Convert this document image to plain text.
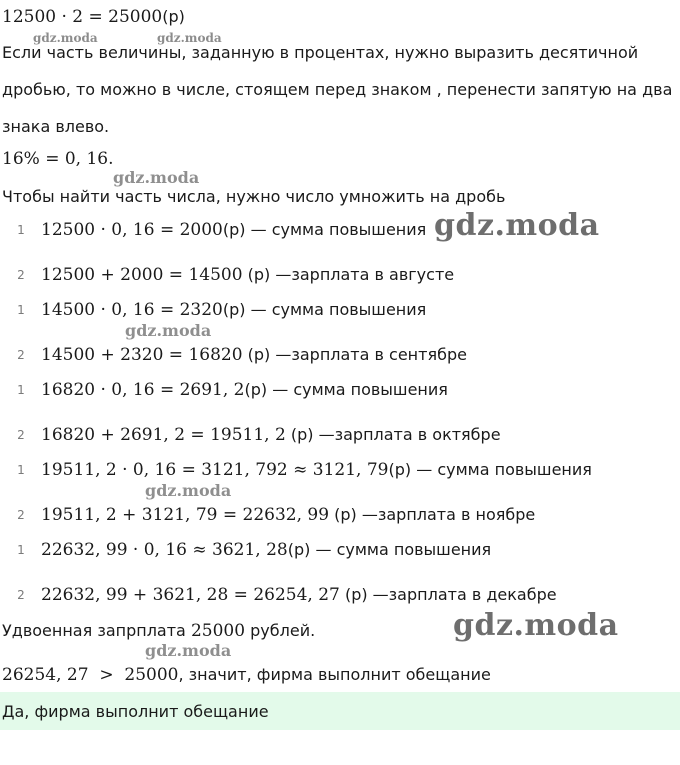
12500 · 2 = 25000(р)
Если часть величины, заданную в процентах, нужно выразить десятичной
дробью, то можно в числе, стоящем перед знаком , перенести запятую на два
знака влево.
16% = 0, 16.
Чтобы найти часть числа, нужно число умножить на дробь
1 12500 · 0, 16 = 2000(р) — сумма повышения
2 12500 + 2000 = 14500 (р) —зарплата в августе
1 14500 · 0, 16 = 2320(р) — сумма повышения
2 14500 + 2320 = 16820 (р) —зарплата в сентябре
1 16820 · 0, 16 = 2691, 2(р) — сумма повышения
2 16820 + 2691, 2 = 19511, 2 (р) —зарплата в октябре
1 19511, 2 · 0, 16 = 3121, 792 ≈ 3121, 79(р) — сумма повышения
2 19511, 2 + 3121, 79 = 22632, 99 (р) —зарплата в ноябре
1 22632, 99 · 0, 16 ≈ 3621, 28(р) — сумма повышения
2 22632, 99 + 3621, 28 = 26254, 27 (р) —зарплата в декабре
Удвоенная запрплата 25000 рублей.
26254, 27  >  25000, значит, фирма выполнит обещание
Да, фирма выполнит обещание
gdz.moda	gdz.moda
gdz.moda
gdz.moda
gdz.moda
gdz.moda
gdz.moda
gdz.moda
